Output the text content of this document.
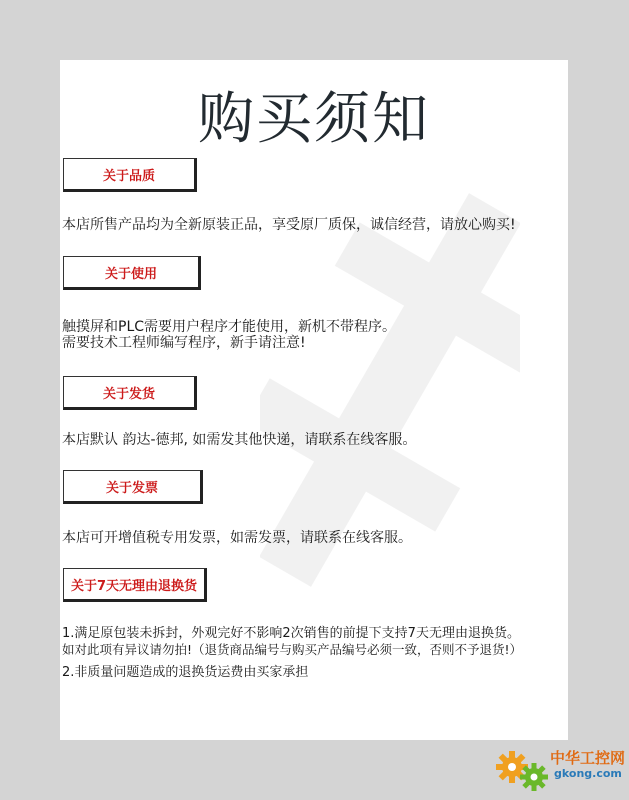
购买须知
关于品质
本店所售产品均为全新原装正品，享受原厂质保，诚信经营，请放心购买!
关于使用
触摸屏和PLC需要用户程序才能使用，新机不带程序。
需要技术工程师编写程序，新手请注意!
关于发货
本店默认 韵达-德邦, 如需发其他快递，请联系在线客服。
关于发票
本店可开增值税专用发票，如需发票，请联系在线客服。
关于7天无理由退换货
1.满足原包装未拆封，外观完好不影响2次销售的前提下支持7天无理由退换货。
如对此项有异议请勿拍!（退货商品编号与购买产品编号必须一致，否则不予退货!）
2.非质量问题造成的退换货运费由买家承担
中华工控网
gkong.com
